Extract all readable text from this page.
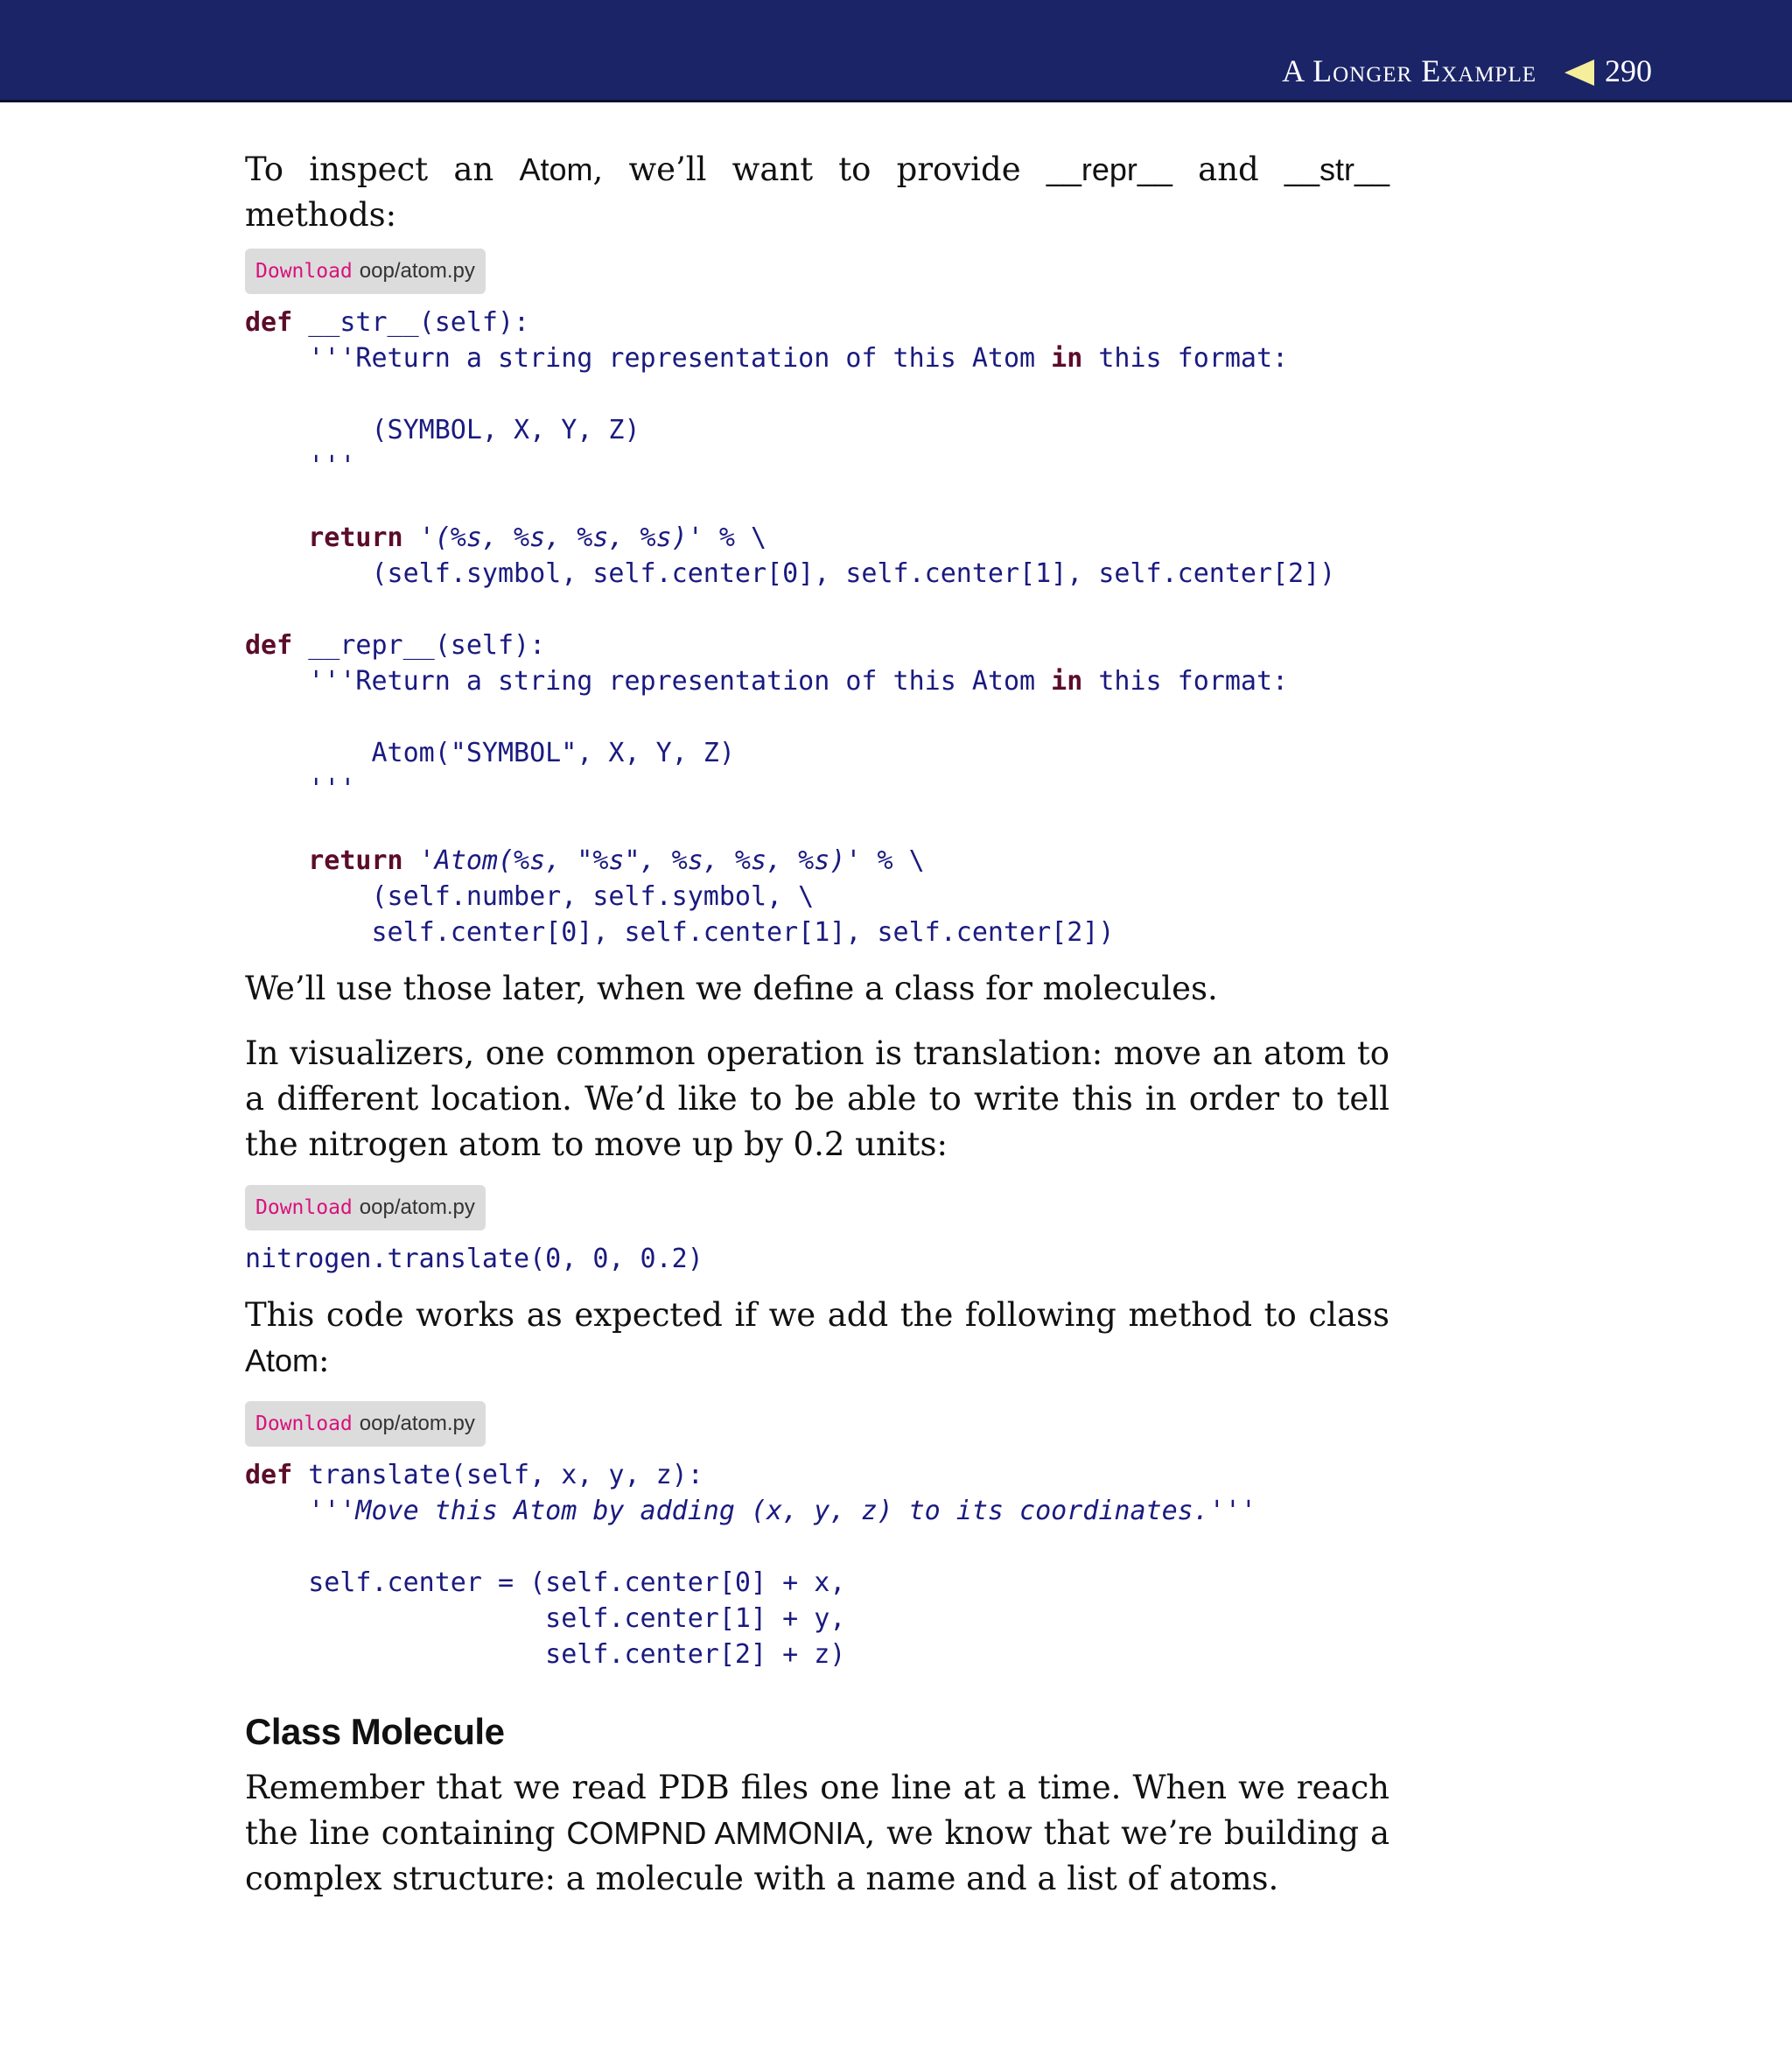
A Longer Example 290

To inspect an Atom, we’ll want to provide __repr__ and __str__ methods:

Download oop/atom.py
def __str__(self):
'''Return a string representation of this Atom in this format:

(SYMBOL, X, Y, Z)
'''

return '(%s, %s, %s, %s)' % \
(self.symbol, self.center[0], self.center[1], self.center[2])

def __repr__(self):
'''Return a string representation of this Atom in this format:

Atom("SYMBOL", X, Y, Z)
'''

return 'Atom(%s, "%s", %s, %s, %s)' % \
(self.number, self.symbol, \
self.center[0], self.center[1], self.center[2])

We’ll use those later, when we define a class for molecules.

In visualizers, one common operation is translation: move an atom to a different location. We’d like to be able to write this in order to tell the nitrogen atom to move up by 0.2 units:

Download oop/atom.py
nitrogen.translate(0, 0, 0.2)

This code works as expected if we add the following method to class Atom:

Download oop/atom.py
def translate(self, x, y, z):
'''Move this Atom by adding (x, y, z) to its coordinates.'''

self.center = (self.center[0] + x,
self.center[1] + y,
self.center[2] + z)
Class Molecule

Remember that we read PDB files one line at a time. When we reach the line containing COMPND AMMONIA, we know that we’re building a complex structure: a molecule with a name and a list of atoms.
